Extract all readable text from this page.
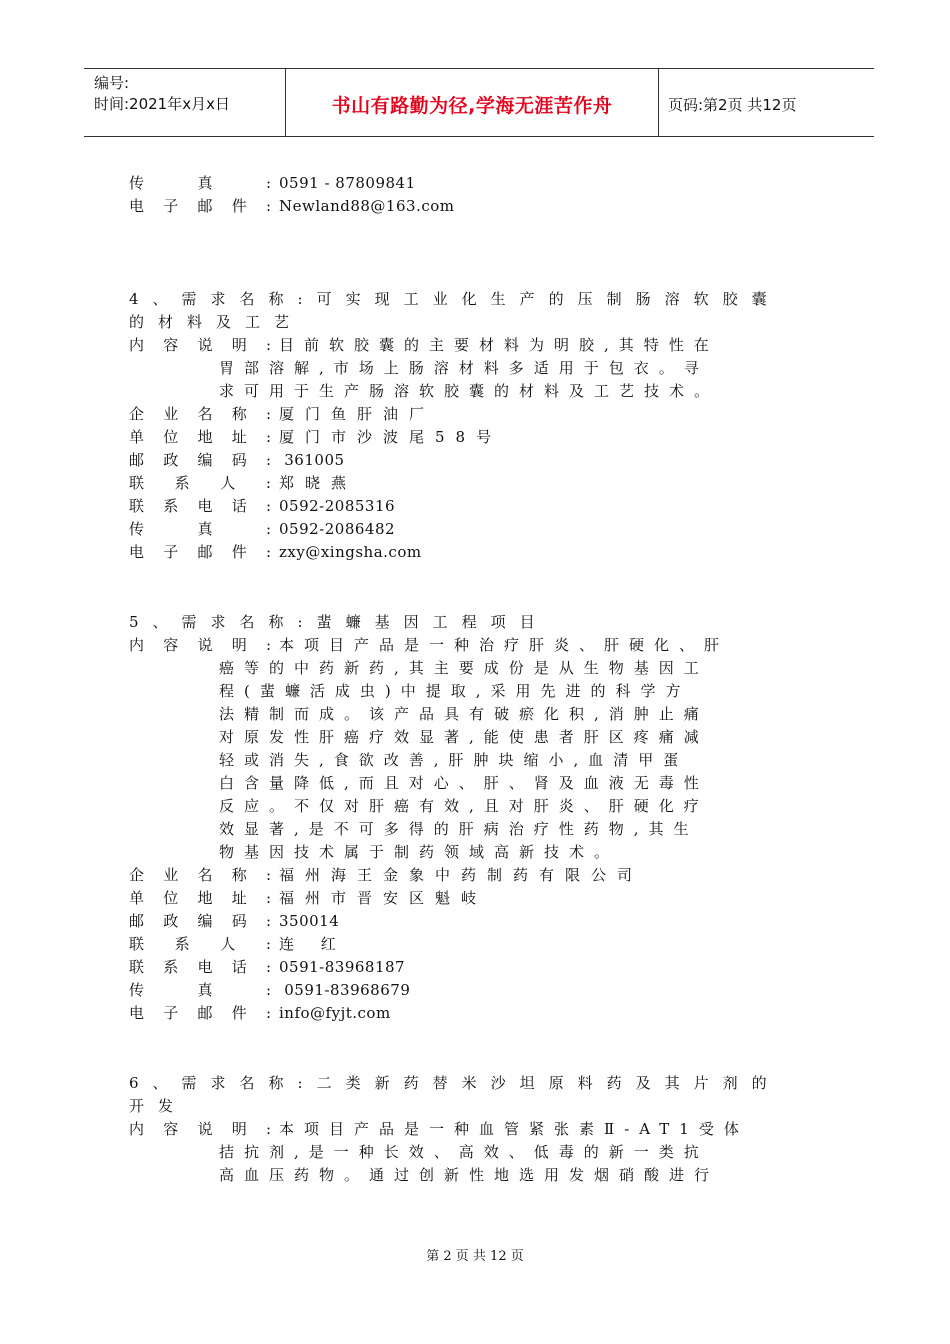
编号:
时间:2021年x月x日	书山有路勤为径,学海无涯苦作舟	页码:第2页 共12页
传	真	: 0591 - 87809841
电 子 邮 件 : Newland88@163.com
4、需求名称:可实现工业化生产的压制肠溶软胶囊
的材料及工艺
内 容 说 明 : 目前软胶囊的主要材料为明胶,其特性在
胃部溶解,市场上肠溶材料多适用于包衣。寻
求可用于生产肠溶软胶囊的材料及工艺技术。
企 业 名 称 : 厦门鱼肝油厂
单 位 地 址 : 厦门市沙波尾58号
邮 政 编 码 : 361005
联 系 人 : 郑晓燕
联 系 电 话 : 0592-2085316
传	真	: 0592-2086482
电 子 邮 件 : zxy@xingsha.com
5、需求名称:蜚蠊基因工程项目
内 容 说 明 : 本项目产品是一种治疗肝炎、肝硬化、肝
癌等的中药新药,其主要成份是从生物基因工
程(蜚蠊活成虫)中提取,采用先进的科学方
法精制而成。该产品具有破瘀化积,消肿止痛
对原发性肝癌疗效显著,能使患者肝区疼痛减
轻或消失,食欲改善,肝肿块缩小,血清甲蛋
白含量降低,而且对心、肝、肾及血液无毒性
反应。不仅对肝癌有效,且对肝炎、肝硬化疗
效显著,是不可多得的肝病治疗性药物,其生
物基因技术属于制药领域高新技术。
企 业 名 称 : 福州海王金象中药制药有限公司
单 位 地 址 : 福州市晋安区魁岐
邮 政 编 码 : 350014
联 系 人 : 连 红
联 系 电 话 : 0591-83968187
传	真	: 0591-83968679
电 子 邮 件 : info@fyjt.com
6、需求名称:二类新药替米沙坦原料药及其片剂的
开发
内 容 说 明 : 本项目产品是一种血管紧张素Ⅱ-AT1受体
拮抗剂,是一种长效、高效、低毒的新一类抗
高血压药物。通过创新性地选用发烟硝酸进行
第 2 页 共 12 页
